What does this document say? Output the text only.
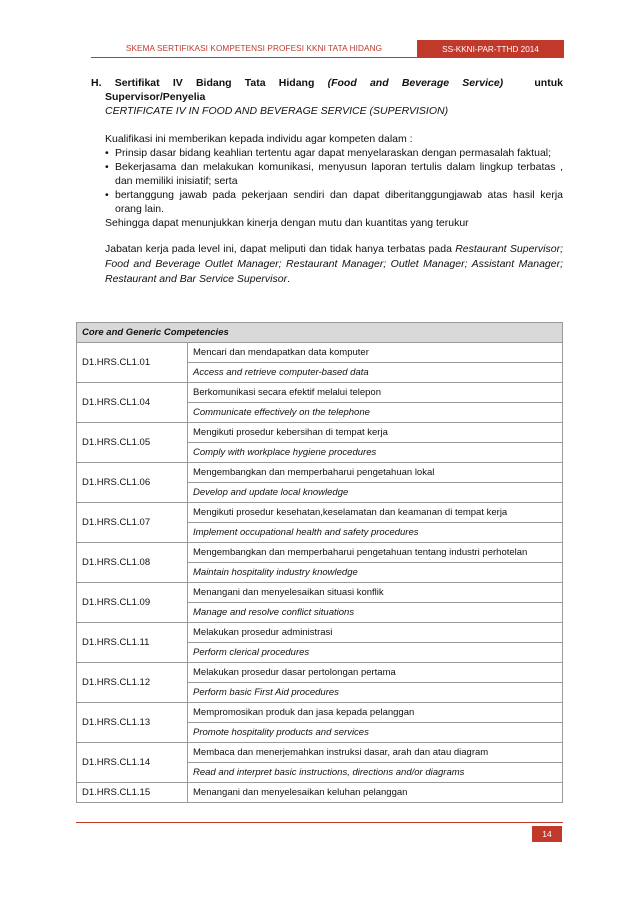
SKEMA SERTIFIKASI KOMPETENSI PROFESI KKNI TATA HIDANG	SS-KKNI-PAR-TTHD 2014
H. Sertifikat IV Bidang Tata Hidang (Food and Beverage Service)	untuk
Supervisor/Penyelia
CERTIFICATE IV IN FOOD AND BEVERAGE SERVICE (SUPERVISION)
Kualifikasi ini memberikan kepada individu agar kompeten dalam :
• Prinsip dasar bidang keahlian tertentu agar dapat menyelaraskan dengan permasalah faktual;
• Bekerjasama dan melakukan komunikasi, menyusun laporan tertulis dalam lingkup terbatas , dan memiliki inisiatif; serta
• bertanggung jawab pada pekerjaan sendiri dan dapat diberitanggungjawab atas hasil kerja orang lain.
Sehingga dapat menunjukkan kinerja dengan mutu dan kuantitas yang terukur
Jabatan kerja pada level ini, dapat meliputi dan tidak hanya terbatas pada Restaurant Supervisor; Food and Beverage Outlet Manager; Restaurant Manager; Outlet Manager; Assistant Manager; Restaurant and Bar Service Supervisor.
Core and Generic Competencies	
D1.HRS.CL1.01	Mencari dan mendapatkan data komputer
	Access and retrieve computer-based data
D1.HRS.CL1.04	Berkomunikasi secara efektif melalui telepon
	Communicate effectively on the telephone
D1.HRS.CL1.05	Mengikuti prosedur kebersihan di tempat kerja
	Comply with workplace hygiene procedures
D1.HRS.CL1.06	Mengembangkan dan memperbaharui pengetahuan lokal
	Develop and update local knowledge
D1.HRS.CL1.07	Mengikuti prosedur kesehatan,keselamatan dan keamanan di tempat kerja
	Implement occupational health and safety procedures
D1.HRS.CL1.08	Mengembangkan dan memperbaharui pengetahuan tentang industri perhotelan
	Maintain hospitality industry knowledge
D1.HRS.CL1.09	Menangani dan menyelesaikan situasi konflik
	Manage and resolve conflict situations
D1.HRS.CL1.11	Melakukan prosedur administrasi
	Perform clerical procedures
D1.HRS.CL1.12	Melakukan prosedur dasar pertolongan pertama
	Perform basic First Aid procedures
D1.HRS.CL1.13	Mempromosikan produk dan jasa kepada pelanggan
	Promote hospitality products and services
D1.HRS.CL1.14	Membaca dan menerjemahkan instruksi dasar, arah dan atau diagram
	Read and interpret basic instructions, directions and/or diagrams
D1.HRS.CL1.15	Menangani dan menyelesaikan keluhan pelanggan
14
